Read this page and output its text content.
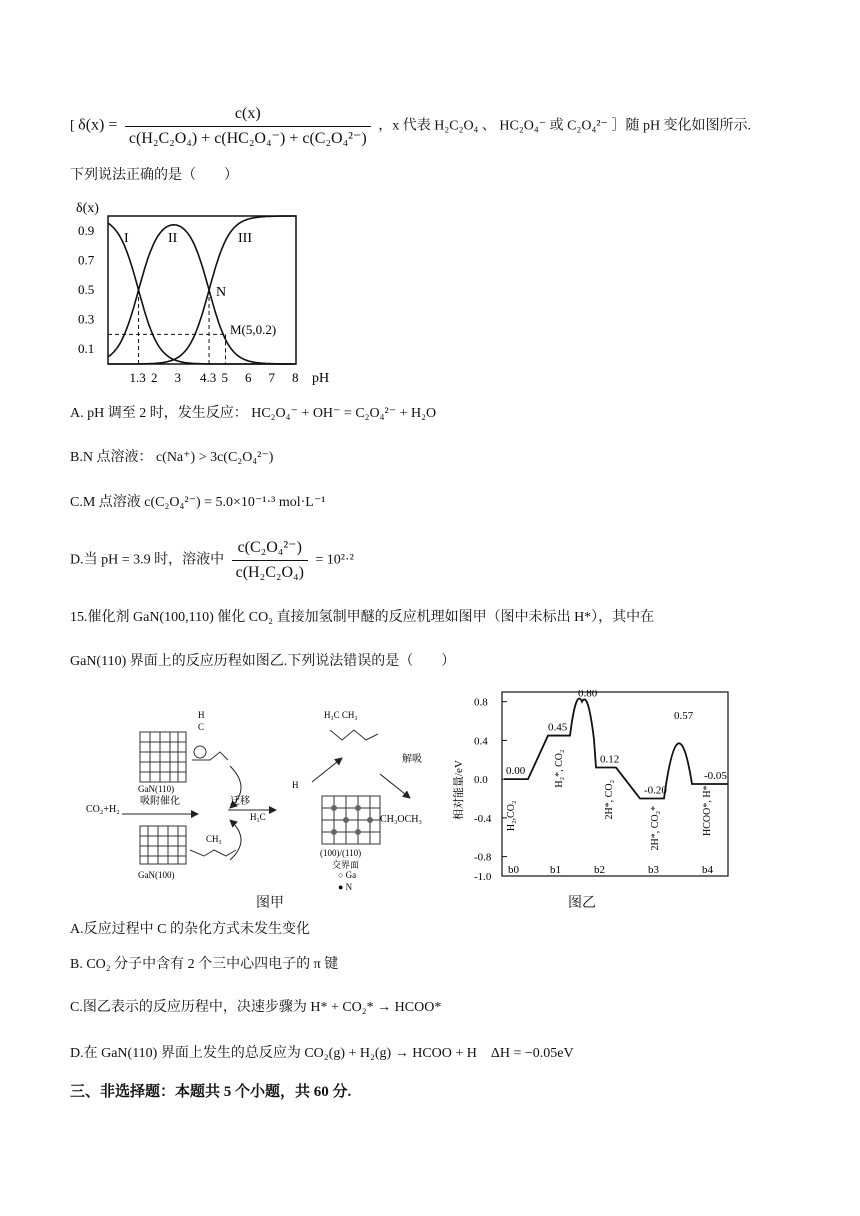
[ $\delta(x) = \frac{c(x)}{\text{c(H₂C₂O₄) + c(HC₂O₄⁻) + c(C₂O₄²⁻)}}$ ，x 代表 H₂C₂O₄ 、 HC₂O₄⁻ 或 C₂O₄²⁻ ］随 pH 变化如图所示.
下列说法正确的是（　　）
δ(x)
0.9
0.7
0.5
0.3
0.1
1.3 2 3 4.3 5 6 7 8 pH
I	II	III
N
M(5,0.2)
A. pH 调至 2 时，发生反应： HC₂O₄⁻ + OH⁻ = C₂O₄²⁻ + H₂O
B.N 点溶液： c(Na⁺) > 3c(C₂O₄²⁻)
C.M 点溶液 c(C₂O₄²⁻) = 5.0×10⁻¹·³ mol·L⁻¹
D.当 pH = 3.9 时，溶液中 $\frac{\text{c(C₂O₄²⁻)}}{\text{c(H₂C₂O₄)}} = 10^2\cdot^2$
15.催化剂 GaN(100,110) 催化 CO₂ 直接加氢制甲醚的反应机理如图甲（图中未标出 H*），其中在
GaN(110) 界面上的反应历程如图乙.下列说法错误的是（　　）
GaN(110)
GaN(100)
CO₂+H₂
吸附催化
H
C
CH₃
迁移
H₃C
H
H₃C CH₃
(100)/(110)
交界面
○ Ga
● N
解吸
CH₃OCH₃	相对能量/eV
0.8
0.4
0.0
-0.4
-0.8
-1.0
b0	b1	b2	b3	b4
0.00
0.45
0.80
0.12
-0.20
0.57
-0.05
H₂,CO₂
H₂*, CO₂
2H*, CO₂
2H*, CO₂*	HCOO*, H*
图甲	图乙
A.反应过程中 C 的杂化方式未发生变化
B. CO₂ 分子中含有 2 个三中心四电子的 π 键
C.图乙表示的反应历程中，决速步骤为 H* + CO₂* → HCOO*
D.在 GaN(110) 界面上发生的总反应为 CO₂(g) + H₂(g) → HCOO + H　ΔH = −0.05eV
三、非选择题：本题共 5 个小题，共 60 分.
